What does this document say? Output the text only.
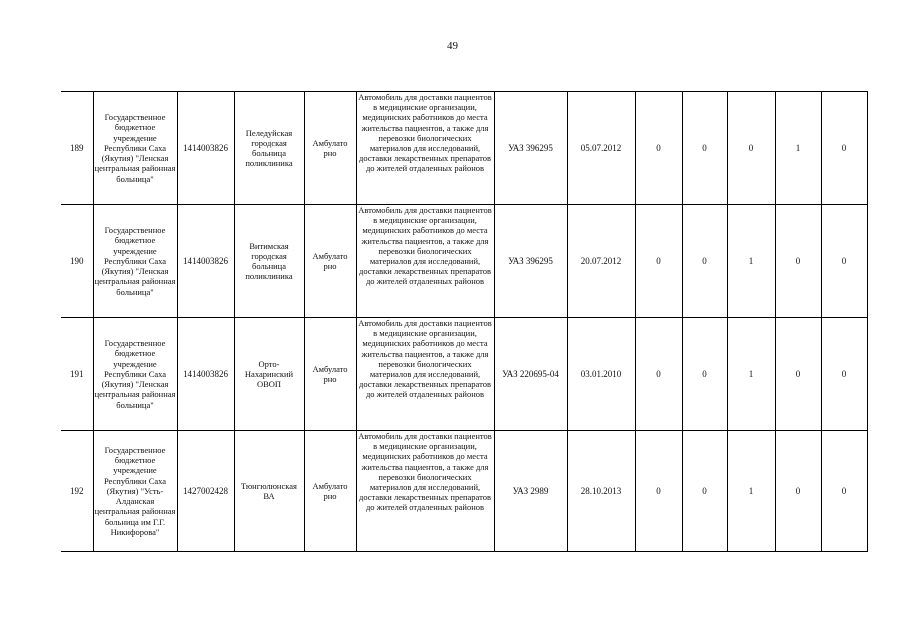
49
189	Государственное бюджетное учреждение Республики Саха (Якутия) "Ленская центральная районная больница"	1414003826	Пеледуйская городская больница поликлиника	Амбулато рно	Автомобиль для доставки пациентов в медицинские организации, медицинских работников до места жительства пациентов, а также для перевозки биологических материалов для исследований, доставки лекарственных препаратов до жителей отдаленных районов	УАЗ 396295	05.07.2012	0	0	0	1	0
190	Государственное бюджетное учреждение Республики Саха (Якутия) "Ленская центральная районная больница"	1414003826	Витимская городская больница поликлиника	Амбулато рно	Автомобиль для доставки пациентов в медицинские организации, медицинских работников до места жительства пациентов, а также для перевозки биологических материалов для исследований, доставки лекарственных препаратов до жителей отдаленных районов	УАЗ 396295	20.07.2012	0	0	1	0	0
191	Государственное бюджетное учреждение Республики Саха (Якутия) "Ленская центральная районная больница"	1414003826	Орто-Нахаринский ОВОП	Амбулато рно	Автомобиль для доставки пациентов в медицинские организации, медицинских работников до места жительства пациентов, а также для перевозки биологических материалов для исследований, доставки лекарственных препаратов до жителей отдаленных районов	УАЗ 220695-04	03.01.2010	0	0	1	0	0
192	Государственное бюджетное учреждение Республики Саха (Якутия) "Усть-Алданская центральная районная больница им Г.Г. Никифорова"	1427002428	Тюнгюлюнская ВА	Амбулато рно	Автомобиль для доставки пациентов в медицинские организации, медицинских работников до места жительства пациентов, а также для перевозки биологических материалов для исследований, доставки лекарственных препаратов до жителей отдаленных районов	УАЗ 2989	28.10.2013	0	0	1	0	0
